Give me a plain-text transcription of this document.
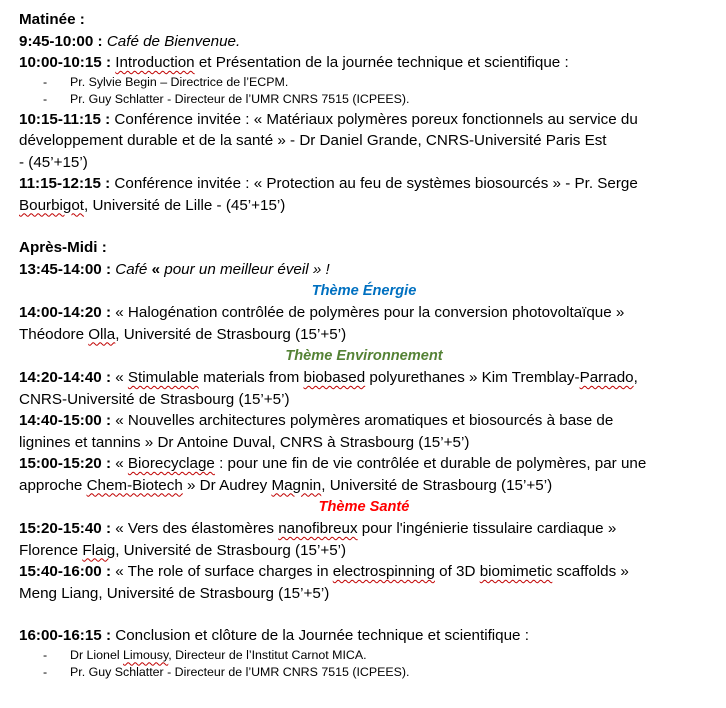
Matinée :
9:45-10:00 : Café de Bienvenue.
10:00-10:15 : Introduction et Présentation de la journée technique et scientifique :
- Pr. Sylvie Begin – Directrice de l’ECPM.
- Pr. Guy Schlatter - Directeur de l’UMR CNRS 7515 (ICPEES).
10:15-11:15 : Conférence invitée : « Matériaux polymères poreux fonctionnels au service du
développement durable et de la santé » - Dr Daniel Grande, CNRS-Université Paris Est
- (45’+15’)
11:15-12:15 : Conférence invitée : « Protection au feu de systèmes biosourcés » - Pr. Serge
Bourbigot, Université de Lille - (45’+15’)
Après-Midi :
13:45-14:00 : Café « pour un meilleur éveil » !
Thème Énergie
14:00-14:20 : « Halogénation contrôlée de polymères pour la conversion photovoltaïque »
Théodore Olla, Université de Strasbourg (15’+5’)
Thème Environnement
14:20-14:40 : « Stimulable materials from biobased polyurethanes » Kim Tremblay-Parrado,
CNRS-Université de Strasbourg (15’+5’)
14:40-15:00 : « Nouvelles architectures polymères aromatiques et biosourcés à base de
lignines et tannins » Dr Antoine Duval, CNRS à Strasbourg (15’+5’)
15:00-15:20 : « Biorecyclage : pour une fin de vie contrôlée et durable de polymères, par une
approche Chem-Biotech » Dr Audrey Magnin, Université de Strasbourg (15’+5’)
Thème Santé
15:20-15:40 : « Vers des élastomères nanofibreux pour l'ingénierie tissulaire cardiaque »
Florence Flaig, Université de Strasbourg (15’+5’)
15:40-16:00 : « The role of surface charges in electrospinning of 3D biomimetic scaffolds »
Meng Liang, Université de Strasbourg (15’+5’)
16:00-16:15 : Conclusion et clôture de la Journée technique et scientifique :
- Dr Lionel Limousy, Directeur de l’Institut Carnot MICA.
- Pr. Guy Schlatter - Directeur de l’UMR CNRS 7515 (ICPEES).
